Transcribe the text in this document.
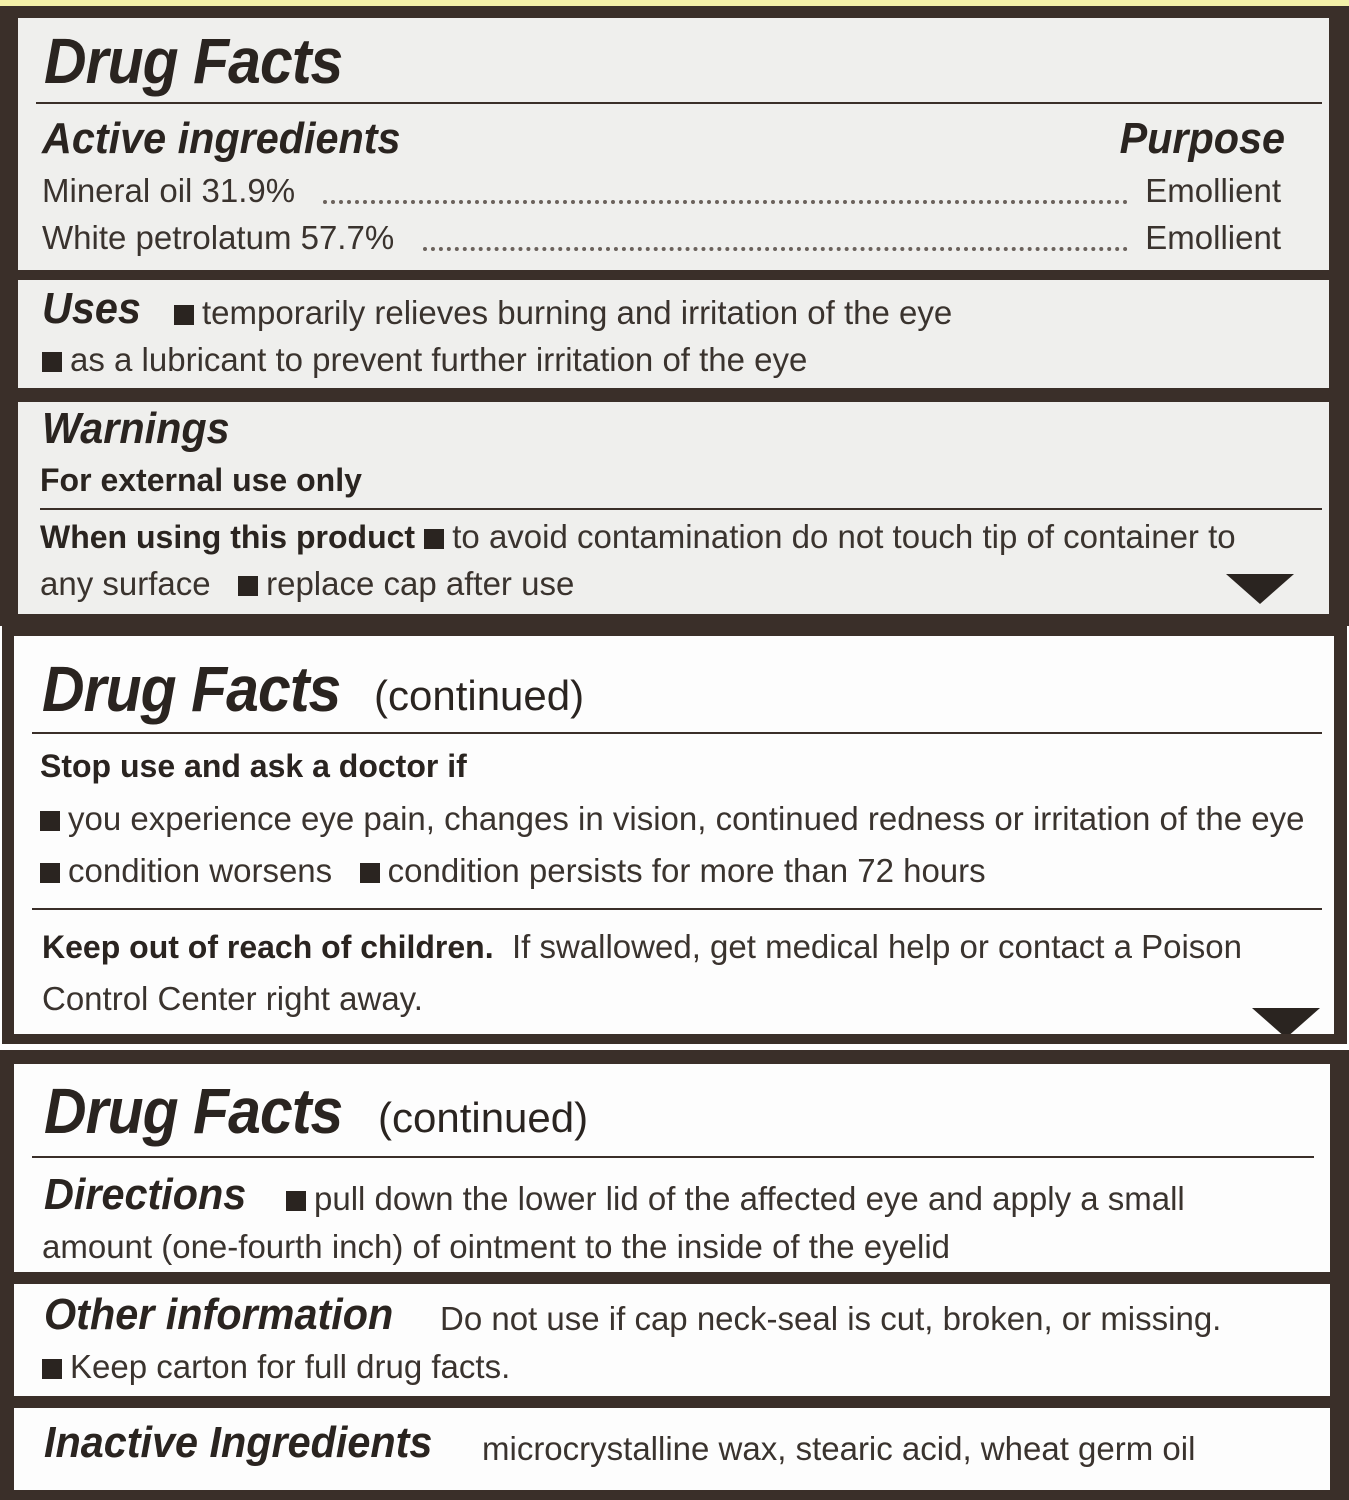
Drug Facts
Active ingredients	Purpose
Mineral oil 31.9%	Emollient
White petrolatum 57.7%	Emollient
Uses	temporarily relieves burning and irritation of the eye
as a lubricant to prevent further irritation of the eye
Warnings
For external use only
When using this product to avoid contamination do not touch tip of container to
any surface replace cap after use
Drug Facts (continued)
Stop use and ask a doctor if
you experience eye pain, changes in vision, continued redness or irritation of the eye
condition worsens condition persists for more than 72 hours
Keep out of reach of children. If swallowed, get medical help or contact a Poison
Control Center right away.
Drug Facts (continued)
Directions	pull down the lower lid of the affected eye and apply a small
amount (one-fourth inch) of ointment to the inside of the eyelid
Other information Do not use if cap neck-seal is cut, broken, or missing.
Keep carton for full drug facts.
Inactive Ingredients microcrystalline wax, stearic acid, wheat germ oil
